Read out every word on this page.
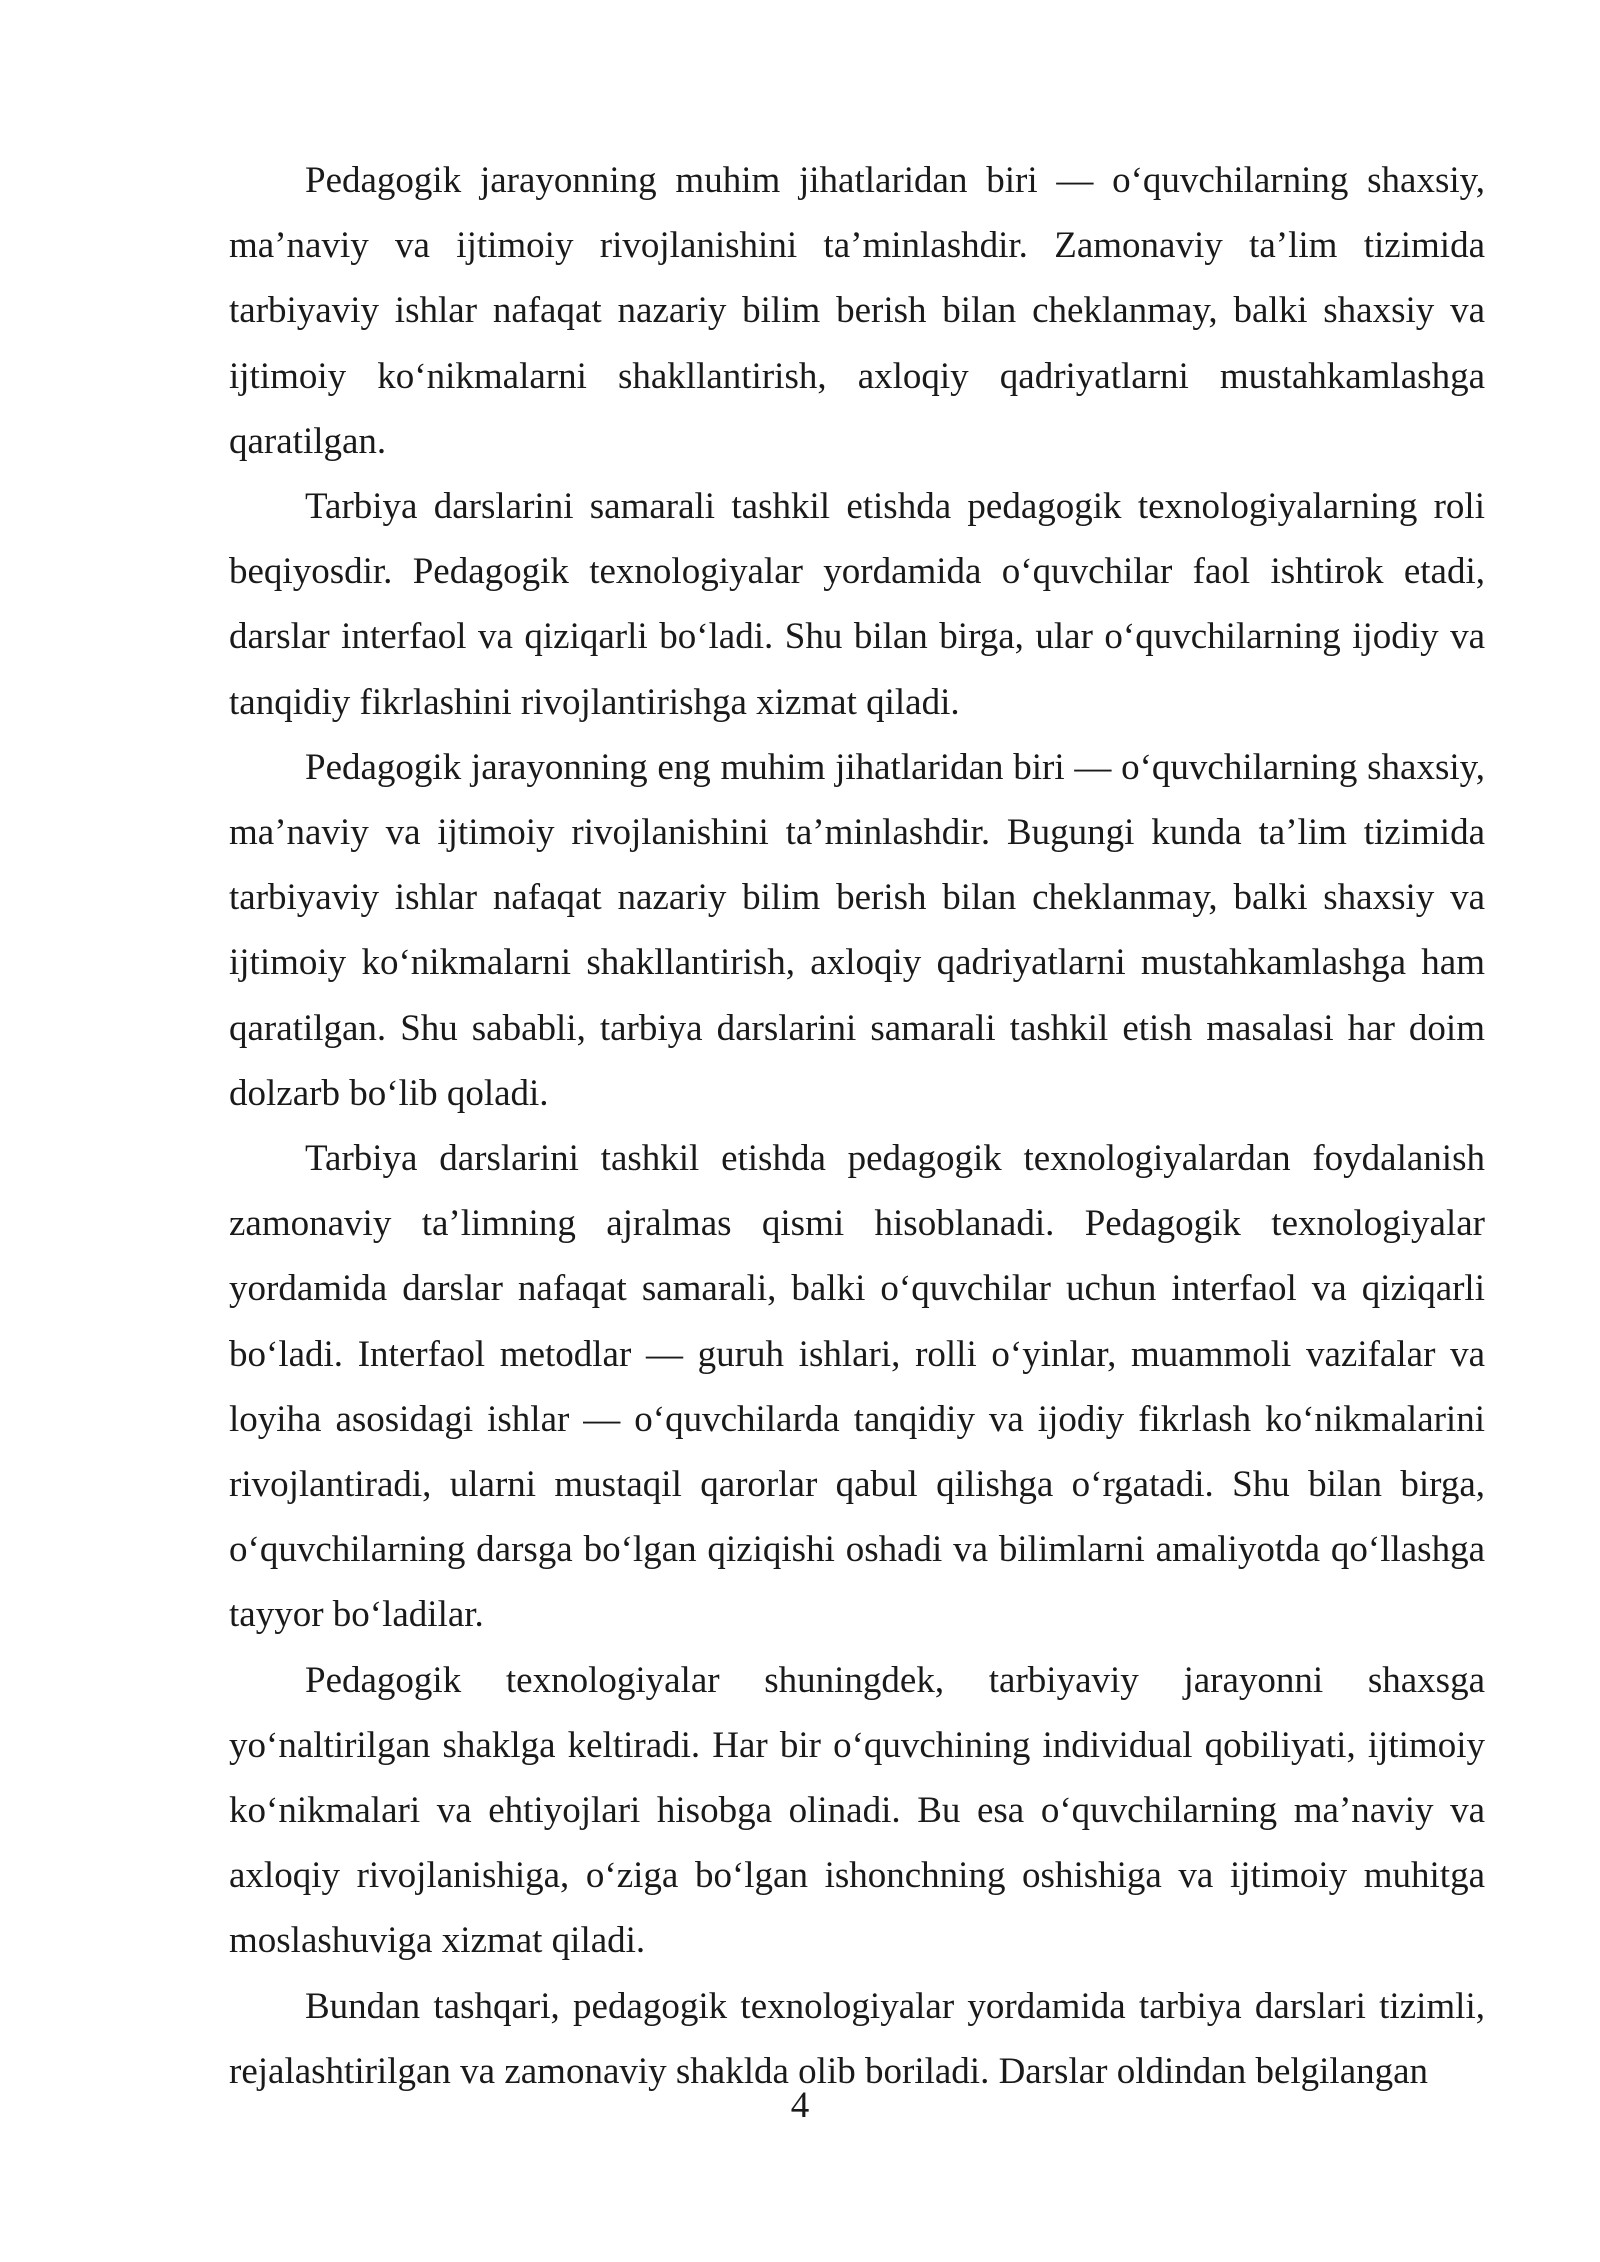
Pedagogik jarayonning muhim jihatlaridan biri — o‘quvchilarning shaxsiy, ma’naviy va ijtimoiy rivojlanishini ta’minlashdir. Zamonaviy ta’lim tizimida tarbiyaviy ishlar nafaqat nazariy bilim berish bilan cheklanmay, balki shaxsiy va ijtimoiy ko‘nikmalarni shakllantirish, axloqiy qadriyatlarni mustahkamlashga qaratilgan.

Tarbiya darslarini samarali tashkil etishda pedagogik texnologiyalarning roli beqiyosdir. Pedagogik texnologiyalar yordamida o‘quvchilar faol ishtirok etadi, darslar interfaol va qiziqarli bo‘ladi. Shu bilan birga, ular o‘quvchilarning ijodiy va tanqidiy fikrlashini rivojlantirishga xizmat qiladi.

Pedagogik jarayonning eng muhim jihatlaridan biri — o‘quvchilarning shaxsiy, ma’naviy va ijtimoiy rivojlanishini ta’minlashdir. Bugungi kunda ta’lim tizimida tarbiyaviy ishlar nafaqat nazariy bilim berish bilan cheklanmay, balki shaxsiy va ijtimoiy ko‘nikmalarni shakllantirish, axloqiy qadriyatlarni mustahkamlashga ham qaratilgan. Shu sababli, tarbiya darslarini samarali tashkil etish masalasi har doim dolzarb bo‘lib qoladi.

Tarbiya darslarini tashkil etishda pedagogik texnologiyalardan foydalanish zamonaviy ta’limning ajralmas qismi hisoblanadi. Pedagogik texnologiyalar yordamida darslar nafaqat samarali, balki o‘quvchilar uchun interfaol va qiziqarli bo‘ladi. Interfaol metodlar — guruh ishlari, rolli o‘yinlar, muammoli vazifalar va loyiha asosidagi ishlar — o‘quvchilarda tanqidiy va ijodiy fikrlash ko‘nikmalarini rivojlantiradi, ularni mustaqil qarorlar qabul qilishga o‘rgatadi. Shu bilan birga, o‘quvchilarning darsga bo‘lgan qiziqishi oshadi va bilimlarni amaliyotda qo‘llashga tayyor bo‘ladilar.

Pedagogik texnologiyalar shuningdek, tarbiyaviy jarayonni shaxsga yo‘naltirilgan shaklga keltiradi. Har bir o‘quvchining individual qobiliyati, ijtimoiy ko‘nikmalari va ehtiyojlari hisobga olinadi. Bu esa o‘quvchilarning ma’naviy va axloqiy rivojlanishiga, o‘ziga bo‘lgan ishonchning oshishiga va ijtimoiy muhitga moslashuviga xizmat qiladi.

Bundan tashqari, pedagogik texnologiyalar yordamida tarbiya darslari tizimli, rejalashtirilgan va zamonaviy shaklda olib boriladi. Darslar oldindan belgilangan

4
